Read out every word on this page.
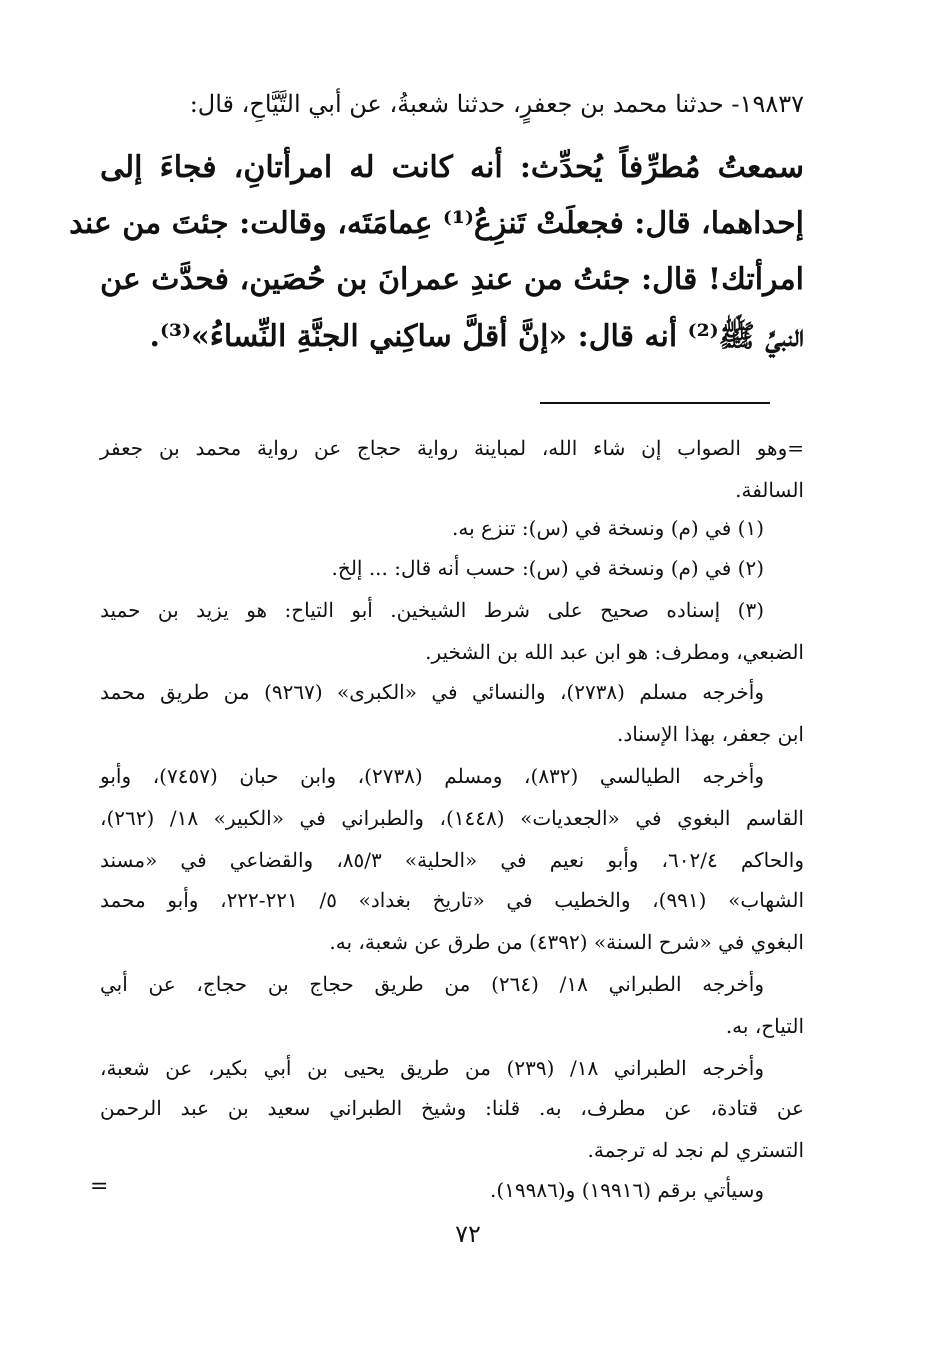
١٩٨٣٧- حدثنا محمد بن جعفرٍ، حدثنا شعبةُ، عن أبي التَّيَّاحِ، قال:
سمعتُ مُطرِّفاً يُحدِّث: أنه كانت له امرأتانِ، فجاءَ إلى
إحداهما، قال: فجعلَتْ تَنزِعُ⁽¹⁾ عِمامَتَه، وقالت: جئتَ من عند
امرأتك! قال: جئتُ من عندِ عمرانَ بن حُصَين، فحدَّث عن
النبيِّ ﷺ⁽²⁾ أنه قال: «إنَّ أقلَّ ساكِني الجنَّةِ النِّساءُ»⁽³⁾.
=وهو الصواب إن شاء الله، لمباينة رواية حجاج عن رواية محمد بن جعفر
السالفة.
(١) في (م) ونسخة في (س): تنزع به.
(٢) في (م) ونسخة في (س): حسب أنه قال: ... إلخ.
(٣) إسناده صحيح على شرط الشيخين. أبو التياح: هو يزيد بن حميد
الضبعي، ومطرف: هو ابن عبد الله بن الشخير.
وأخرجه مسلم (٢٧٣٨)، والنسائي في «الكبرى» (٩٢٦٧) من طريق محمد
ابن جعفر، بهذا الإسناد.
وأخرجه الطيالسي (٨٣٢)، ومسلم (٢٧٣٨)، وابن حبان (٧٤٥٧)، وأبو
القاسم البغوي في «الجعديات» (١٤٤٨)، والطبراني في «الكبير» ١٨/ (٢٦٢)،
والحاكم ٦٠٢/٤، وأبو نعيم في «الحلية» ٨٥/٣، والقضاعي في «مسند
الشهاب» (٩٩١)، والخطيب في «تاريخ بغداد» ٥/ ٢٢١-٢٢٢، وأبو محمد
البغوي في «شرح السنة» (٤٣٩٢) من طرق عن شعبة، به.
وأخرجه الطبراني ١٨/ (٢٦٤) من طريق حجاج بن حجاج، عن أبي
التياح، به.
وأخرجه الطبراني ١٨/ (٢٣٩) من طريق يحيى بن أبي بكير، عن شعبة،
عن قتادة، عن مطرف، به. قلنا: وشيخ الطبراني سعيد بن عبد الرحمن
التستري لم نجد له ترجمة.
وسيأتي برقم (١٩٩١٦) و(١٩٩٨٦).
=
٧٢
